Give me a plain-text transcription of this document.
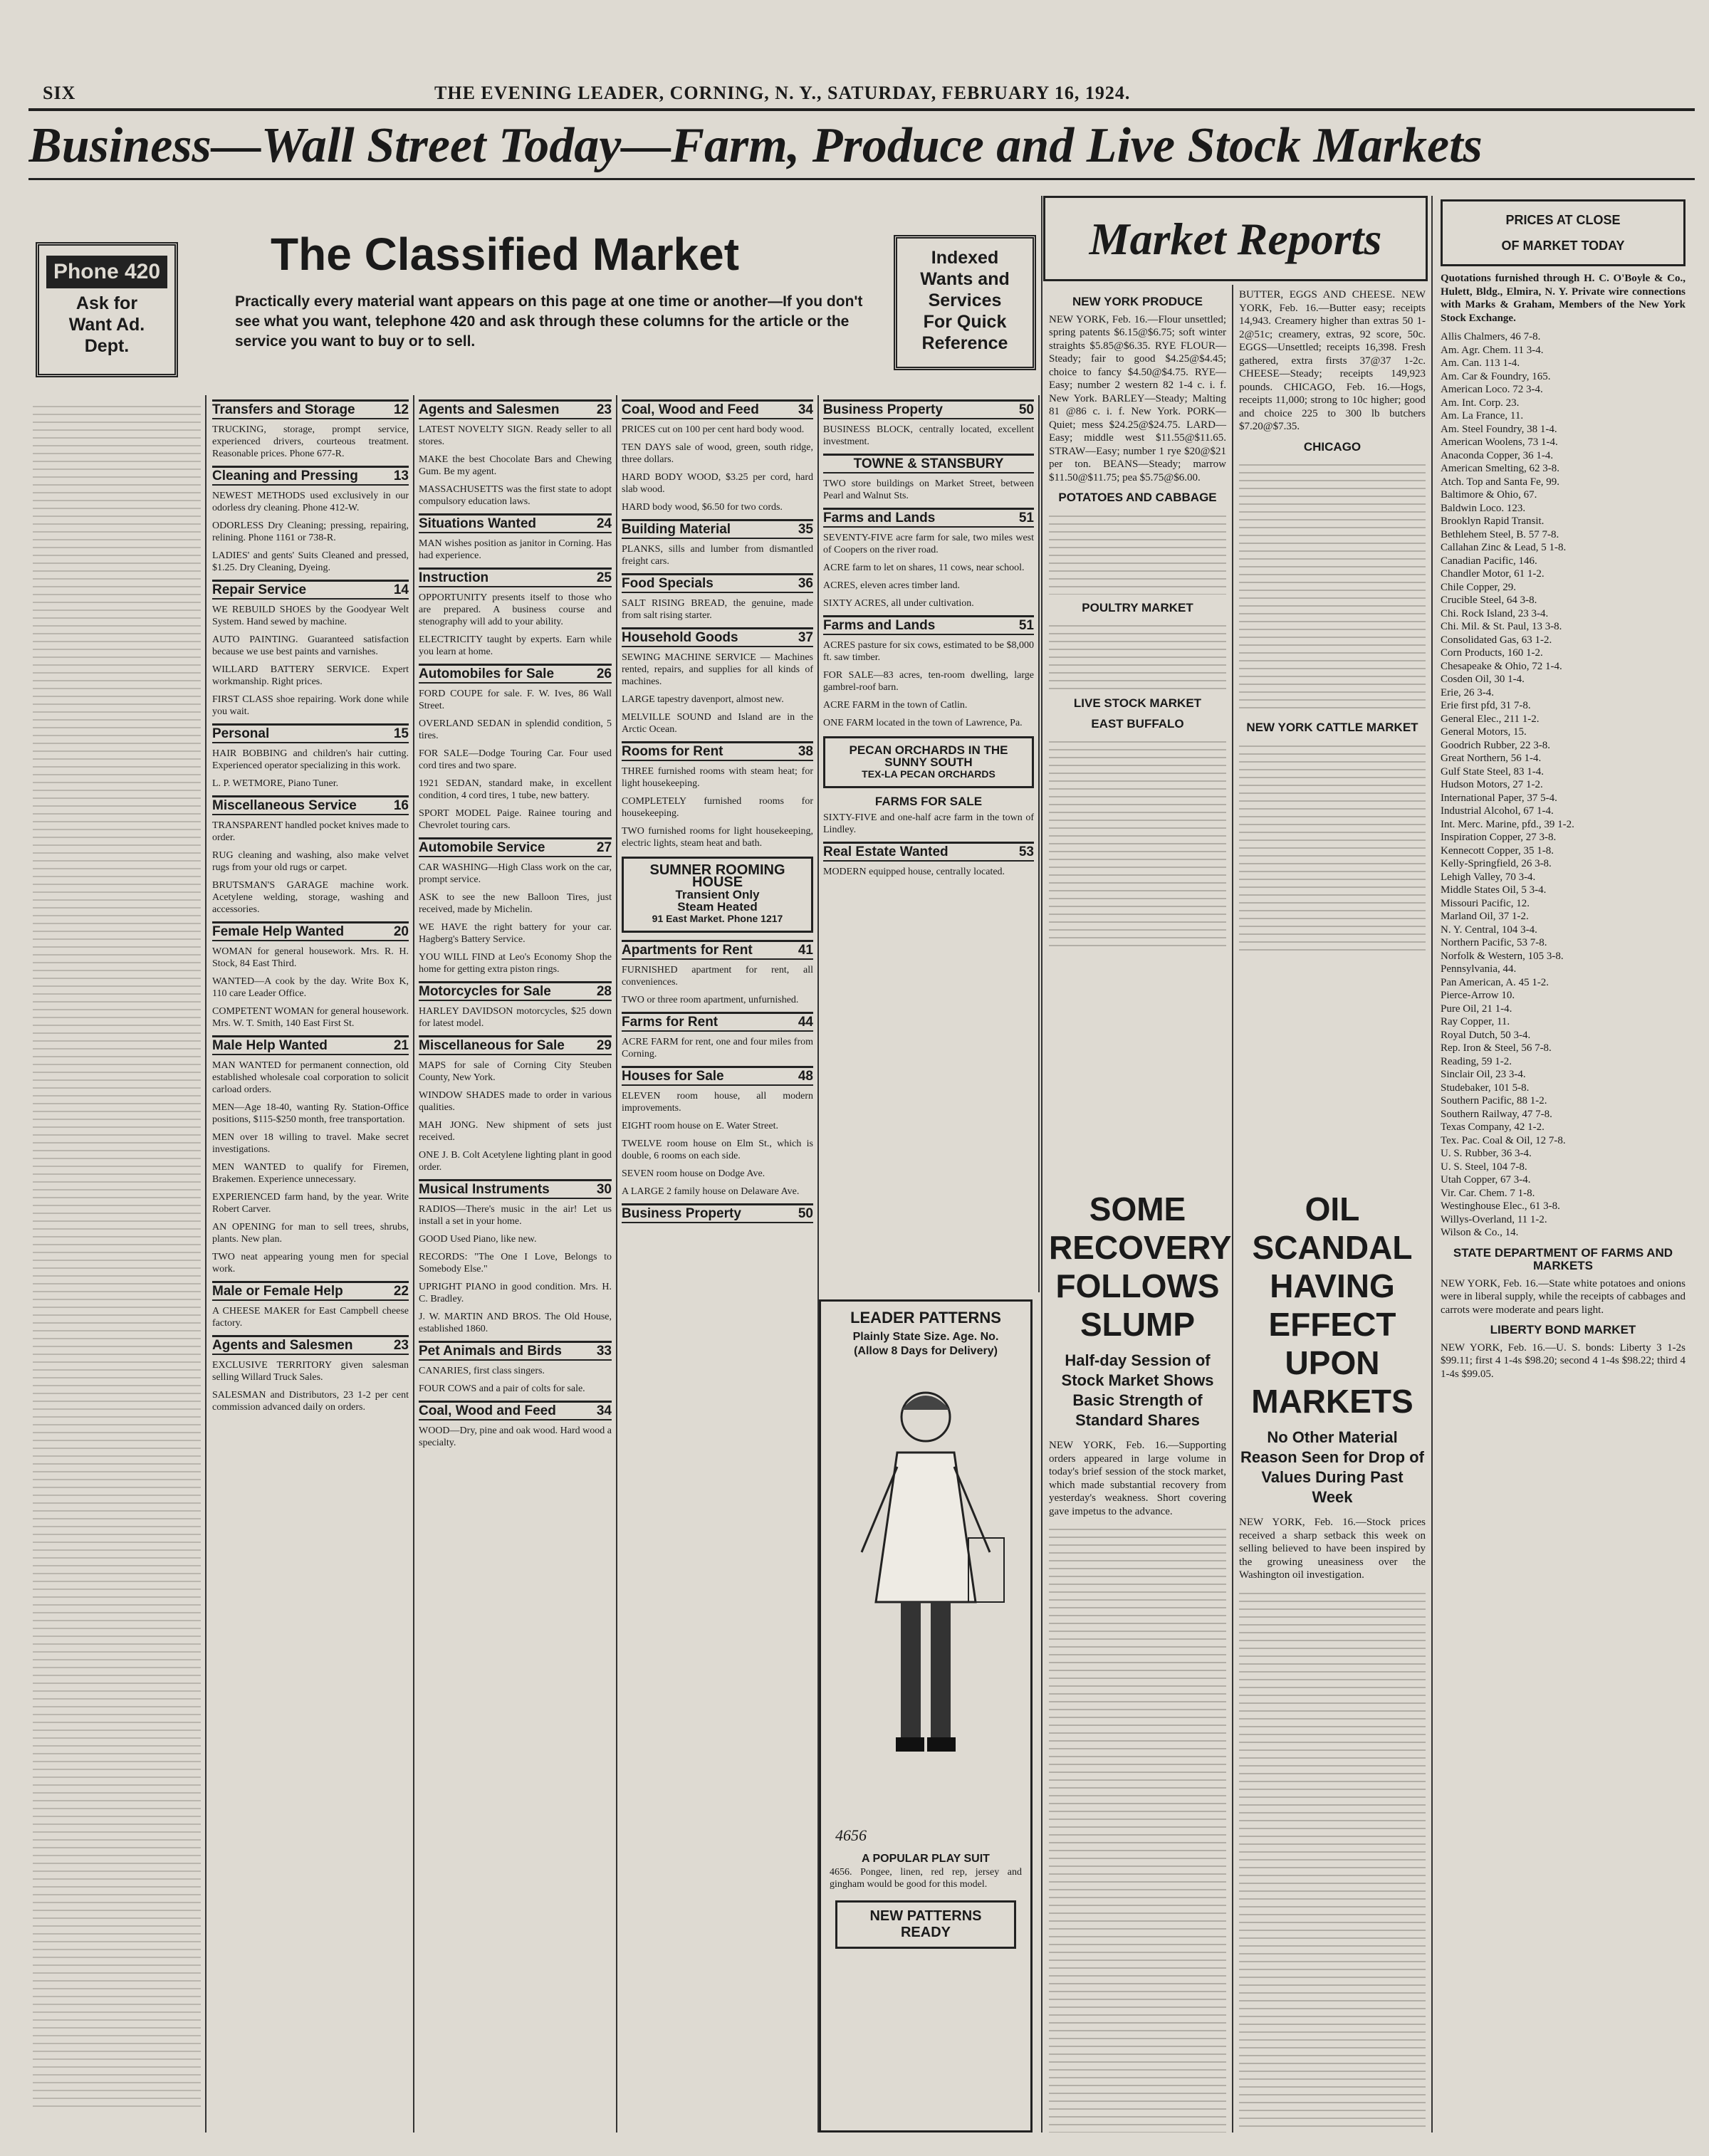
SIX	THE EVENING LEADER, CORNING, N. Y., SATURDAY, FEBRUARY 16, 1924.
Business—Wall Street Today—Farm, Produce and Live Stock Markets
Phone 420
Ask for
Want Ad.
Dept.
The Classified Market
Practically every material want appears on this page at one time or another—If you don't see what you want, telephone 420 and ask through these columns for the article or the service you want to buy or to sell.
Indexed
Wants and
Services
For Quick
Reference
Transfers and Storage	12
TRUCKING, storage, prompt service, experienced drivers, courteous treatment. Reasonable prices. Phone 677-R.
Cleaning and Pressing	13
NEWEST METHODS used exclusively in our odorless dry cleaning. Phone 412-W.
ODORLESS Dry Cleaning; pressing, repairing, relining. Phone 1161 or 738-R.
LADIES' and gents' Suits Cleaned and pressed, $1.25. Dry Cleaning, Dyeing.
Repair Service	14
WE REBUILD SHOES by the Goodyear Welt System. Hand sewed by machine.
AUTO PAINTING. Guaranteed satisfaction because we use best paints and varnishes.
WILLARD BATTERY SERVICE. Expert workmanship. Right prices.
FIRST CLASS shoe repairing. Work done while you wait.
Personal	15
HAIR BOBBING and children's hair cutting. Experienced operator specializing in this work.
L. P. WETMORE, Piano Tuner.
Miscellaneous Service	16
TRANSPARENT handled pocket knives made to order.
RUG cleaning and washing, also make velvet rugs from your old rugs or carpet.
BRUTSMAN'S GARAGE machine work. Acetylene welding, storage, washing and accessories.
Female Help Wanted	20
WOMAN for general housework. Mrs. R. H. Stock, 84 East Third.
WANTED—A cook by the day. Write Box K, 110 care Leader Office.
COMPETENT WOMAN for general housework. Mrs. W. T. Smith, 140 East First St.
Male Help Wanted	21
MAN WANTED for permanent connection, old established wholesale coal corporation to solicit carload orders.
MEN—Age 18-40, wanting Ry. Station-Office positions, $115-$250 month, free transportation.
MEN over 18 willing to travel. Make secret investigations.
MEN WANTED to qualify for Firemen, Brakemen. Experience unnecessary.
EXPERIENCED farm hand, by the year. Write Robert Carver.
AN OPENING for man to sell trees, shrubs, plants. New plan.
TWO neat appearing young men for special work.
Male or Female Help	22
A CHEESE MAKER for East Campbell cheese factory.
Agents and Salesmen	23
EXCLUSIVE TERRITORY given salesman selling Willard Truck Sales.
SALESMAN and Distributors, 23 1-2 per cent commission advanced daily on orders.
Agents and Salesmen	23
LATEST NOVELTY SIGN. Ready seller to all stores.
MAKE the best Chocolate Bars and Chewing Gum. Be my agent.
MASSACHUSETTS was the first state to adopt compulsory education laws.
Situations Wanted	24
MAN wishes position as janitor in Corning. Has had experience.
Instruction	25
OPPORTUNITY presents itself to those who are prepared. A business course and stenography will add to your ability.
ELECTRICITY taught by experts. Earn while you learn at home.
Automobiles for Sale	26
FORD COUPE for sale. F. W. Ives, 86 Wall Street.
OVERLAND SEDAN in splendid condition, 5 tires.
FOR SALE—Dodge Touring Car. Four used cord tires and two spare.
1921 SEDAN, standard make, in excellent condition, 4 cord tires, 1 tube, new battery.
SPORT MODEL Paige. Rainee touring and Chevrolet touring cars.
Automobile Service	27
CAR WASHING—High Class work on the car, prompt service.
ASK to see the new Balloon Tires, just received, made by Michelin.
WE HAVE the right battery for your car. Hagberg's Battery Service.
YOU WILL FIND at Leo's Economy Shop the home for getting extra piston rings.
Motorcycles for Sale	28
HARLEY DAVIDSON motorcycles, $25 down for latest model.
Miscellaneous for Sale 29
MAPS for sale of Corning City Steuben County, New York.
WINDOW SHADES made to order in various qualities.
MAH JONG. New shipment of sets just received.
ONE J. B. Colt Acetylene lighting plant in good order.
Musical Instruments	30
RADIOS—There's music in the air! Let us install a set in your home.
GOOD Used Piano, like new.
RECORDS: "The One I Love, Belongs to Somebody Else."
UPRIGHT PIANO in good condition. Mrs. H. C. Bradley.
J. W. MARTIN AND BROS. The Old House, established 1860.
Pet Animals and Birds	33
CANARIES, first class singers.
FOUR COWS and a pair of colts for sale.
Coal, Wood and Feed	34
WOOD—Dry, pine and oak wood. Hard wood a specialty.
Coal, Wood and Feed	34
PRICES cut on 100 per cent hard body wood.
TEN DAYS sale of wood, green, south ridge, three dollars.
HARD BODY WOOD, $3.25 per cord, hard slab wood.
HARD body wood, $6.50 for two cords.
Building Material	35
PLANKS, sills and lumber from dismantled freight cars.
Food Specials	36
SALT RISING BREAD, the genuine, made from salt rising starter.
Household Goods	37
SEWING MACHINE SERVICE — Machines rented, repairs, and supplies for all kinds of machines.
LARGE tapestry davenport, almost new.
MELVILLE SOUND and Island are in the Arctic Ocean.
Rooms for Rent	38
THREE furnished rooms with steam heat; for light housekeeping.
COMPLETELY furnished rooms for housekeeping.
TWO furnished rooms for light housekeeping, electric lights, steam heat and bath.
SUMNER ROOMING HOUSE
Transient Only
Steam Heated
91 East Market. Phone 1217
Apartments for Rent	41
FURNISHED apartment for rent, all conveniences.
TWO or three room apartment, unfurnished.
Farms for Rent	44
ACRE FARM for rent, one and four miles from Corning.
Houses for Sale	48
ELEVEN room house, all modern improvements.
EIGHT room house on E. Water Street.
TWELVE room house on Elm St., which is double, 6 rooms on each side.
SEVEN room house on Dodge Ave.
A LARGE 2 family house on Delaware Ave.
Business Property	50
Business Property	50
BUSINESS BLOCK, centrally located, excellent investment.
TOWNE & STANSBURY
TWO store buildings on Market Street, between Pearl and Walnut Sts.
Farms and Lands	51
SEVENTY-FIVE acre farm for sale, two miles west of Coopers on the river road.
ACRE farm to let on shares, 11 cows, near school.
ACRES, eleven acres timber land.
SIXTY ACRES, all under cultivation.
Farms and Lands	51
ACRES pasture for six cows, estimated to be $8,000 ft. saw timber.
FOR SALE—83 acres, ten-room dwelling, large gambrel-roof barn.
ACRE FARM in the town of Catlin.
ONE FARM located in the town of Lawrence, Pa.
PECAN ORCHARDS IN THE SUNNY SOUTH
TEX-LA PECAN ORCHARDS
FARMS FOR SALE
SIXTY-FIVE and one-half acre farm in the town of Lindley.
Real Estate Wanted	53
MODERN equipped house, centrally located.
LEADER PATTERNS
Plainly State Size. Age. No.
(Allow 8 Days for Delivery)
4656
A POPULAR PLAY SUIT
4656. Pongee, linen, red rep, jersey and gingham would be good for this model.
NEW PATTERNS
READY
Market Reports
NEW YORK PRODUCE
NEW YORK, Feb. 16.—Flour unsettled; spring patents $6.15@$6.75; soft winter straights $5.85@$6.35. RYE FLOUR—Steady; fair to good $4.25@$4.45; choice to fancy $4.50@$4.75. RYE—Easy; number 2 western 82 1-4 c. i. f. New York. BARLEY—Steady; Malting 81 @86 c. i. f. New York. PORK—Quiet; mess $24.25@$24.75. LARD—Easy; middle west $11.55@$11.65. STRAW—Easy; number 1 rye $20@$21 per ton. BEANS—Steady; marrow $11.50@$11.75; pea $5.75@$6.00.
POTATOES AND CABBAGE
POULTRY MARKET
LIVE STOCK MARKET
EAST BUFFALO
BUTTER, EGGS AND CHEESE. NEW YORK, Feb. 16.—Butter easy; receipts 14,943. Creamery higher than extras 50 1-2@51c; creamery, extras, 92 score, 50c. EGGS—Unsettled; receipts 16,398. Fresh gathered, extra firsts 37@37 1-2c. CHEESE—Steady; receipts 149,923 pounds. CHICAGO, Feb. 16.—Hogs, receipts 11,000; strong to 10c higher; good and choice 225 to 300 lb butchers $7.20@$7.35.
CHICAGO
NEW YORK CATTLE MARKET
SOME RECOVERY FOLLOWS SLUMP
Half-day Session of Stock Market Shows Basic Strength of Standard Shares
NEW YORK, Feb. 16.—Supporting orders appeared in large volume in today's brief session of the stock market, which made substantial recovery from yesterday's weakness. Short covering gave impetus to the advance.
OIL SCANDAL HAVING EFFECT UPON MARKETS
No Other Material Reason Seen for Drop of Values During Past Week
NEW YORK, Feb. 16.—Stock prices received a sharp setback this week on selling believed to have been inspired by the growing uneasiness over the Washington oil investigation.
PRICES AT CLOSE
OF MARKET TODAY
Quotations furnished through H. C. O'Boyle & Co., Hulett, Bldg., Elmira, N. Y. Private wire connections with Marks & Graham, Members of the New York Stock Exchange.
Allis Chalmers, 46 7-8.
Am. Agr. Chem. 11 3-4.
Am. Can. 113 1-4.
Am. Car & Foundry, 165.
American Loco. 72 3-4.
Am. Int. Corp. 23.
Am. La France, 11.
Am. Steel Foundry, 38 1-4.
American Woolens, 73 1-4.
Anaconda Copper, 36 1-4.
American Smelting, 62 3-8.
Atch. Top and Santa Fe, 99.
Baltimore & Ohio, 67.
Baldwin Loco. 123.
Brooklyn Rapid Transit.
Bethlehem Steel, B. 57 7-8.
Callahan Zinc & Lead, 5 1-8.
Canadian Pacific, 146.
Chandler Motor, 61 1-2.
Chile Copper, 29.
Crucible Steel, 64 3-8.
Chi. Rock Island, 23 3-4.
Chi. Mil. & St. Paul, 13 3-8.
Consolidated Gas, 63 1-2.
Corn Products, 160 1-2.
Chesapeake & Ohio, 72 1-4.
Cosden Oil, 30 1-4.
Erie, 26 3-4.
Erie first pfd, 31 7-8.
General Elec., 211 1-2.
General Motors, 15.
Goodrich Rubber, 22 3-8.
Great Northern, 56 1-4.
Gulf State Steel, 83 1-4.
Hudson Motors, 27 1-2.
International Paper, 37 5-4.
Industrial Alcohol, 67 1-4.
Int. Merc. Marine, pfd., 39 1-2.
Inspiration Copper, 27 3-8.
Kennecott Copper, 35 1-8.
Kelly-Springfield, 26 3-8.
Lehigh Valley, 70 3-4.
Middle States Oil, 5 3-4.
Missouri Pacific, 12.
Marland Oil, 37 1-2.
N. Y. Central, 104 3-4.
Northern Pacific, 53 7-8.
Norfolk & Western, 105 3-8.
Pennsylvania, 44.
Pan American, A. 45 1-2.
Pierce-Arrow 10.
Pure Oil, 21 1-4.
Ray Copper, 11.
Royal Dutch, 50 3-4.
Rep. Iron & Steel, 56 7-8.
Reading, 59 1-2.
Sinclair Oil, 23 3-4.
Studebaker, 101 5-8.
Southern Pacific, 88 1-2.
Southern Railway, 47 7-8.
Texas Company, 42 1-2.
Tex. Pac. Coal & Oil, 12 7-8.
U. S. Rubber, 36 3-4.
U. S. Steel, 104 7-8.
Utah Copper, 67 3-4.
Vir. Car. Chem. 7 1-8.
Westinghouse Elec., 61 3-8.
Willys-Overland, 11 1-2.
Wilson & Co., 14.
STATE DEPARTMENT OF FARMS AND MARKETS
NEW YORK, Feb. 16.—State white potatoes and onions were in liberal supply, while the receipts of cabbages and carrots were moderate and pears light.
LIBERTY BOND MARKET
NEW YORK, Feb. 16.—U. S. bonds: Liberty 3 1-2s $99.11; first 4 1-4s $98.20; second 4 1-4s $98.22; third 4 1-4s $99.05.
